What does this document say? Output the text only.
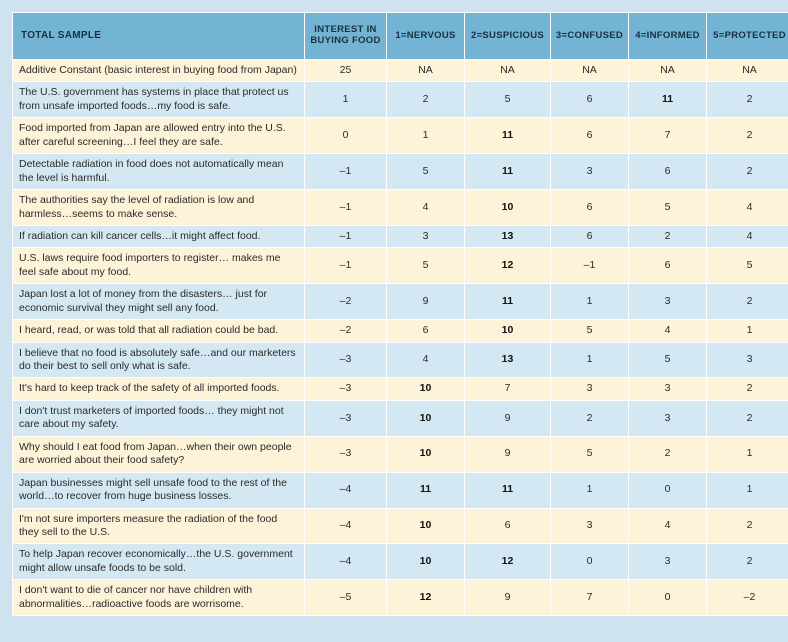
TOTAL SAMPLE	INTEREST IN BUYING FOOD	1=NERVOUS	2=SUSPICIOUS	3=CONFUSED	4=INFORMED	5=PROTECTED

Additive Constant (basic interest in buying food from Japan)	25	NA	NA	NA	NA	NA

The U.S. government has systems in place that protect us from unsafe imported foods…my food is safe.	1	2	5	6	11	2

Food imported from Japan are allowed entry into the U.S. after careful screening…I feel they are safe.	0	1	11	6	7	2

Detectable radiation in food does not automatically mean the level is harmful.	–1	5	11	3	6	2

The authorities say the level of radiation is low and harmless…seems to make sense.	–1	4	10	6	5	4

If radiation can kill cancer cells…it might affect food.	–1	3	13	6	2	4

U.S. laws require food importers to register… makes me feel safe about my food.	–1	5	12	–1	6	5

Japan lost a lot of money from the disasters… just for economic survival they might sell any food.	–2	9	11	1	3	2

I heard, read, or was told that all radiation could be bad.	–2	6	10	5	4	1

I believe that no food is absolutely safe…and our marketers do their best to sell only what is safe.	–3	4	13	1	5	3

It's hard to keep track of the safety of all imported foods.	–3	10	7	3	3	2

I don't trust marketers of imported foods… they might not care about my safety.	–3	10	9	2	3	2

Why should I eat food from Japan…when their own people are worried about their food safety?	–3	10	9	5	2	1

Japan businesses might sell unsafe food to the rest of the world…to recover from huge business losses.	–4	11	11	1	0	1

I'm not sure importers measure the radiation of the food they sell to the U.S.	–4	10	6	3	4	2

To help Japan recover economically…the U.S. government might allow unsafe foods to be sold.	–4	10	12	0	3	2

I don't want to die of cancer nor have children with abnormalities…radioactive foods are worrisome.	–5	12	9	7	0	–2
